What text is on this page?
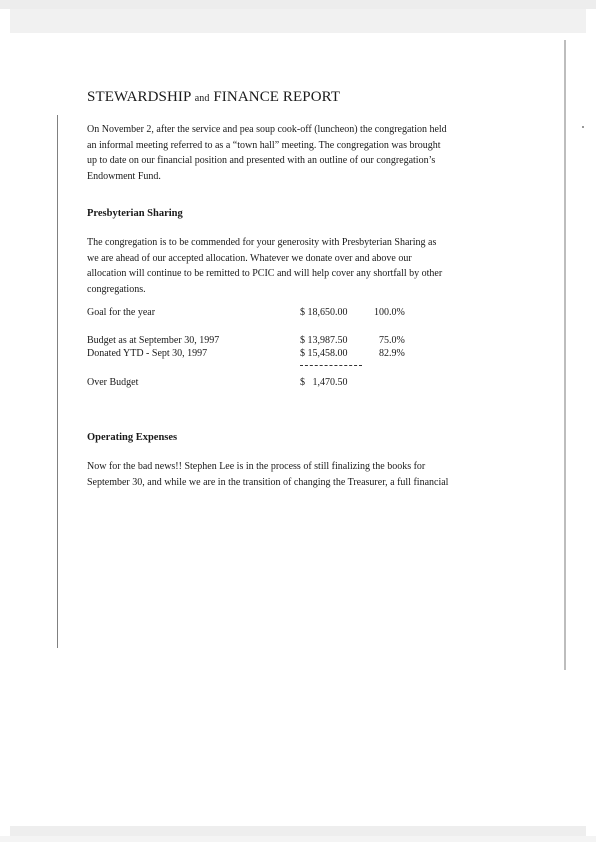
STEWARDSHIP and FINANCE REPORT

On November 2, after the service and pea soup cook-off (luncheon) the congregation held
an informal meeting referred to as a “town hall” meeting. The congregation was brought
up to date on our financial position and presented with an outline of our congregation’s
Endowment Fund.

Presbyterian Sharing

The congregation is to be commended for your generosity with Presbyterian Sharing as
we are ahead of our accepted allocation. Whatever we donate over and above our
allocation will continue to be remitted to PCIC and will help cover any shortfall by other
congregations.

Goal for the year	$ 18,650.00	100.0%
Budget as at September 30, 1997	$ 13,987.50	75.0%
Donated YTD - Sept 30, 1997	$ 15,458.00	82.9%
Over Budget	$   1,470.50
Operating Expenses

Now for the bad news!! Stephen Lee is in the process of still finalizing the books for
September 30, and while we are in the transition of changing the Treasurer, a full financial
